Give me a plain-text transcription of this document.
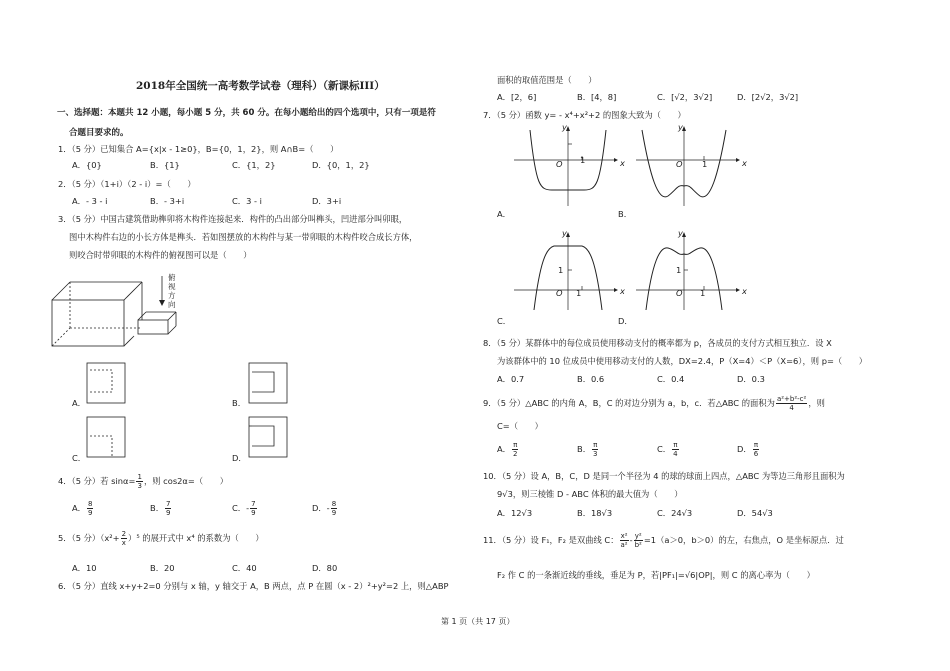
2018年全国统一高考数学试卷（理科）（新课标III）
一、选择题：本题共 12 小题，每小题 5 分，共 60 分。在每小题给出的四个选项中，只有一项是符
合题目要求的。
1．（5 分）已知集合 A={x|x - 1≥0}，B={0，1，2}，则 A∩B=（　　）
A．{0}	B．{1}	C．{1，2}	D．{0，1，2}
2．（5 分）（1+i）（2 - i）=（　　）
A．- 3 - i	B．- 3+i	C．3 - i	D．3+i
3．（5 分）中国古建筑借助榫卯将木构件连接起来．构件的凸出部分叫榫头，凹进部分叫卯眼，
图中木构件右边的小长方体是榫头．若如图摆放的木构件与某一带卯眼的木构件咬合成长方体，
则咬合时带卯眼的木构件的俯视图可以是（　　）
俯
视
方
向
A．	B．
C．	D．
4．（5 分）若 $\sin\alpha= \frac{1}{3}$ ，则 cos2α=（　　）
A． $\frac{8}{9}$	B． $\frac{7}{9}$	C．- $\frac{7}{9}$	D．- $\frac{8}{9}$
5．（5 分）$(x^2+ \frac{2}{x} )^5$ 的展开式中 x⁴ 的系数为（　　）
A．10	B．20	C．40	D．80
6．（5 分）直线 x+y+2=0 分别与 x 轴，y 轴交于 A，B 两点，点 P 在圆（x - 2）²+y²=2 上，则△ABP
面积的取值范围是（　　）
A．[2，6]	B．[4，8]	C．[√2，3√2]	D．[2√2，3√2]
7．（5 分）函数 y= - x⁴+x²+2 的图象大致为（　　）
y
x
O 1
A．
y
x
O 1
B．
y
x
O 1
1
C．
y
x
O 1
1
D．
8．（5 分）某群体中的每位成员使用移动支付的概率都为 p，各成员的支付方式相互独立．设 X
为该群体中的 10 位成员中使用移动支付的人数，DX=2.4，P（X=4）＜P（X=6），则 p=（　　）
A．0.7	B．0.6	C．0.4	D．0.3
9．（5 分）△ABC 的内角 A，B，C 的对边分别为 a，b，c．若△ABC 的面积为 $\frac{\text{a²+b²-c²}}{4}$ ，则
C=（　　）
A． $\frac{\pi}{2}$	B． $\frac{\pi}{3}$	C． $\frac{\pi}{4}$	D． $\frac{\pi}{6}$
10．（5 分）设 A，B，C，D 是同一个半径为 4 的球的球面上四点，△ABC 为等边三角形且面积为
9√3，则三棱锥 D - ABC 体积的最大值为（　　）
A．12√3	B．18√3	C．24√3	D．54√3
11．（5 分）设 F₁，F₂ 是双曲线 C： $\frac{\text{x²}}{\text{a²}} - \frac{\text{y²}}{\text{b²}} =1(a>0$，b＞0）的左，右焦点，O 是坐标原点．过
F₂ 作 C 的一条渐近线的垂线，垂足为 P，若|PF₁|=√6|OP|，则 C 的离心率为（　　）
第 1 页（共 17 页）
